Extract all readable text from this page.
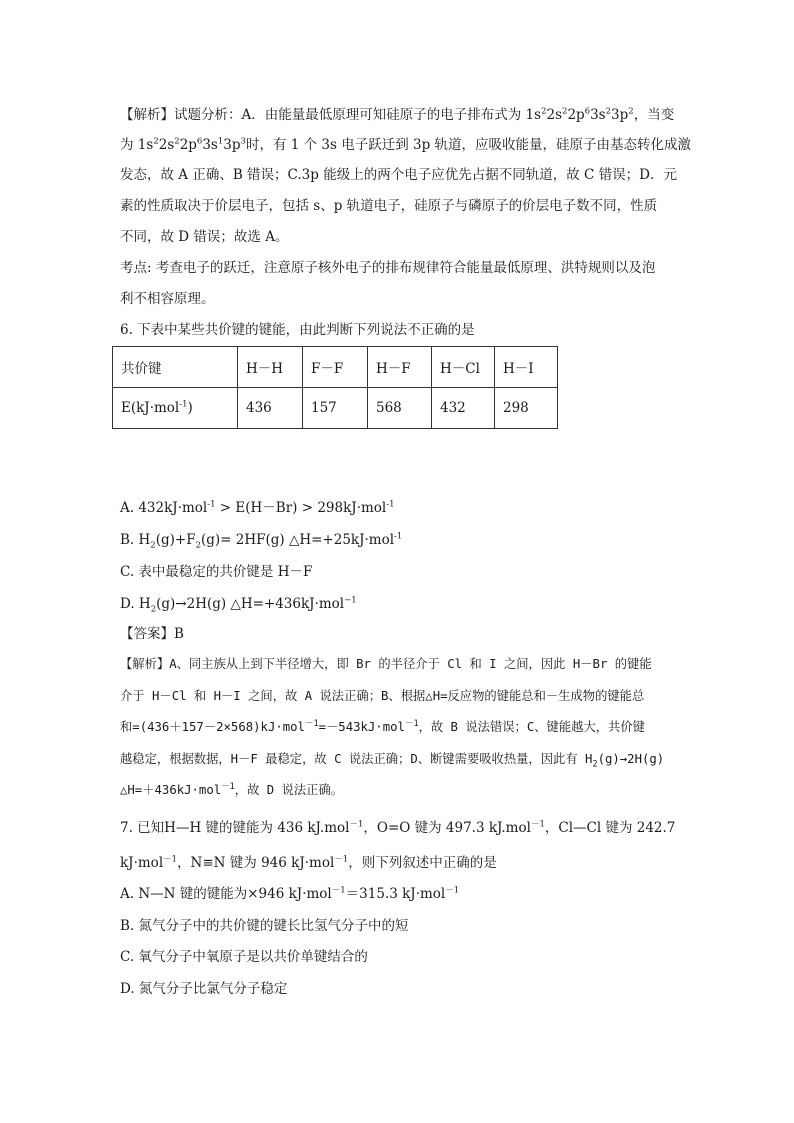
【解析】试题分析：A．由能量最低原理可知硅原子的电子排布式为 $1s^22s^22p^63s^23p^2$，当变
为 $1s^22s^22p^63s^13p^3$时，有 1 个 3s 电子跃迁到 3p 轨道，应吸收能量，硅原子由基态转化成激
发态，故 A 正确、B 错误；C.3p 能级上的两个电子应优先占据不同轨道，故 C 错误；D．元
素的性质取决于价层电子，包括 s、p 轨道电子，硅原子与磷原子的价层电子数不同，性质
不同，故 D 错误；故选 A。
考点: 考查电子的跃迁，注意原子核外电子的排布规律符合能量最低原理、洪特规则以及泡
利不相容原理。
6. 下表中某些共价键的键能，由此判断下列说法不正确的是
共价键	H－H	F－F	H－F	H－Cl	H－I
E(kJ·mol$^{-1}$)	436	157	568	432	298
A. 432kJ·mol$^{-1}$ > E(H－Br) > 298kJ·mol$^{-1}$
B. $H_2(g)+F_2(g)= 2HF(g)$ △H=+25kJ·mol$^{-1}$
C. 表中最稳定的共价键是 H－F
D. $H_2(g)\to 2H(g)$ △H=+436kJ·mol$^{-1}$
【答案】B
【解析】A、同主族从上到下半径增大，即 Br 的半径介于 Cl 和 I 之间，因此 H－Br 的键能
介于 H－Cl 和 H－I 之间，故 A 说法正确；B、根据△H=反应物的键能总和－生成物的键能总
和=(436＋157－2×568)kJ·mol$^{-1}$=－543kJ·mol$^{-1}$，故 B 说法错误；C、键能越大，共价键
越稳定，根据数据，H－F 最稳定，故 C 说法正确；D、断键需要吸收热量，因此有 $H_2(g)\to 2H(g)$
△H=＋436kJ·mol$^{-1}$，故 D 说法正确。
7. 已知H—H 键的键能为 436 kJ.mol$^{-1}$，O=O 键为 497.3 kJ.mol$^{-1}$，Cl—Cl 键为 242.7
kJ·mol$^{-1}$，N≡N 键为 946 kJ·mol$^{-1}$，则下列叙述中正确的是
A. N—N 键的键能为×946 kJ·mol$^{-1}$＝315.3 kJ·mol$^{-1}$
B. 氮气分子中的共价键的键长比氢气分子中的短
C. 氧气分子中氧原子是以共价单键结合的
D. 氮气分子比氯气分子稳定
